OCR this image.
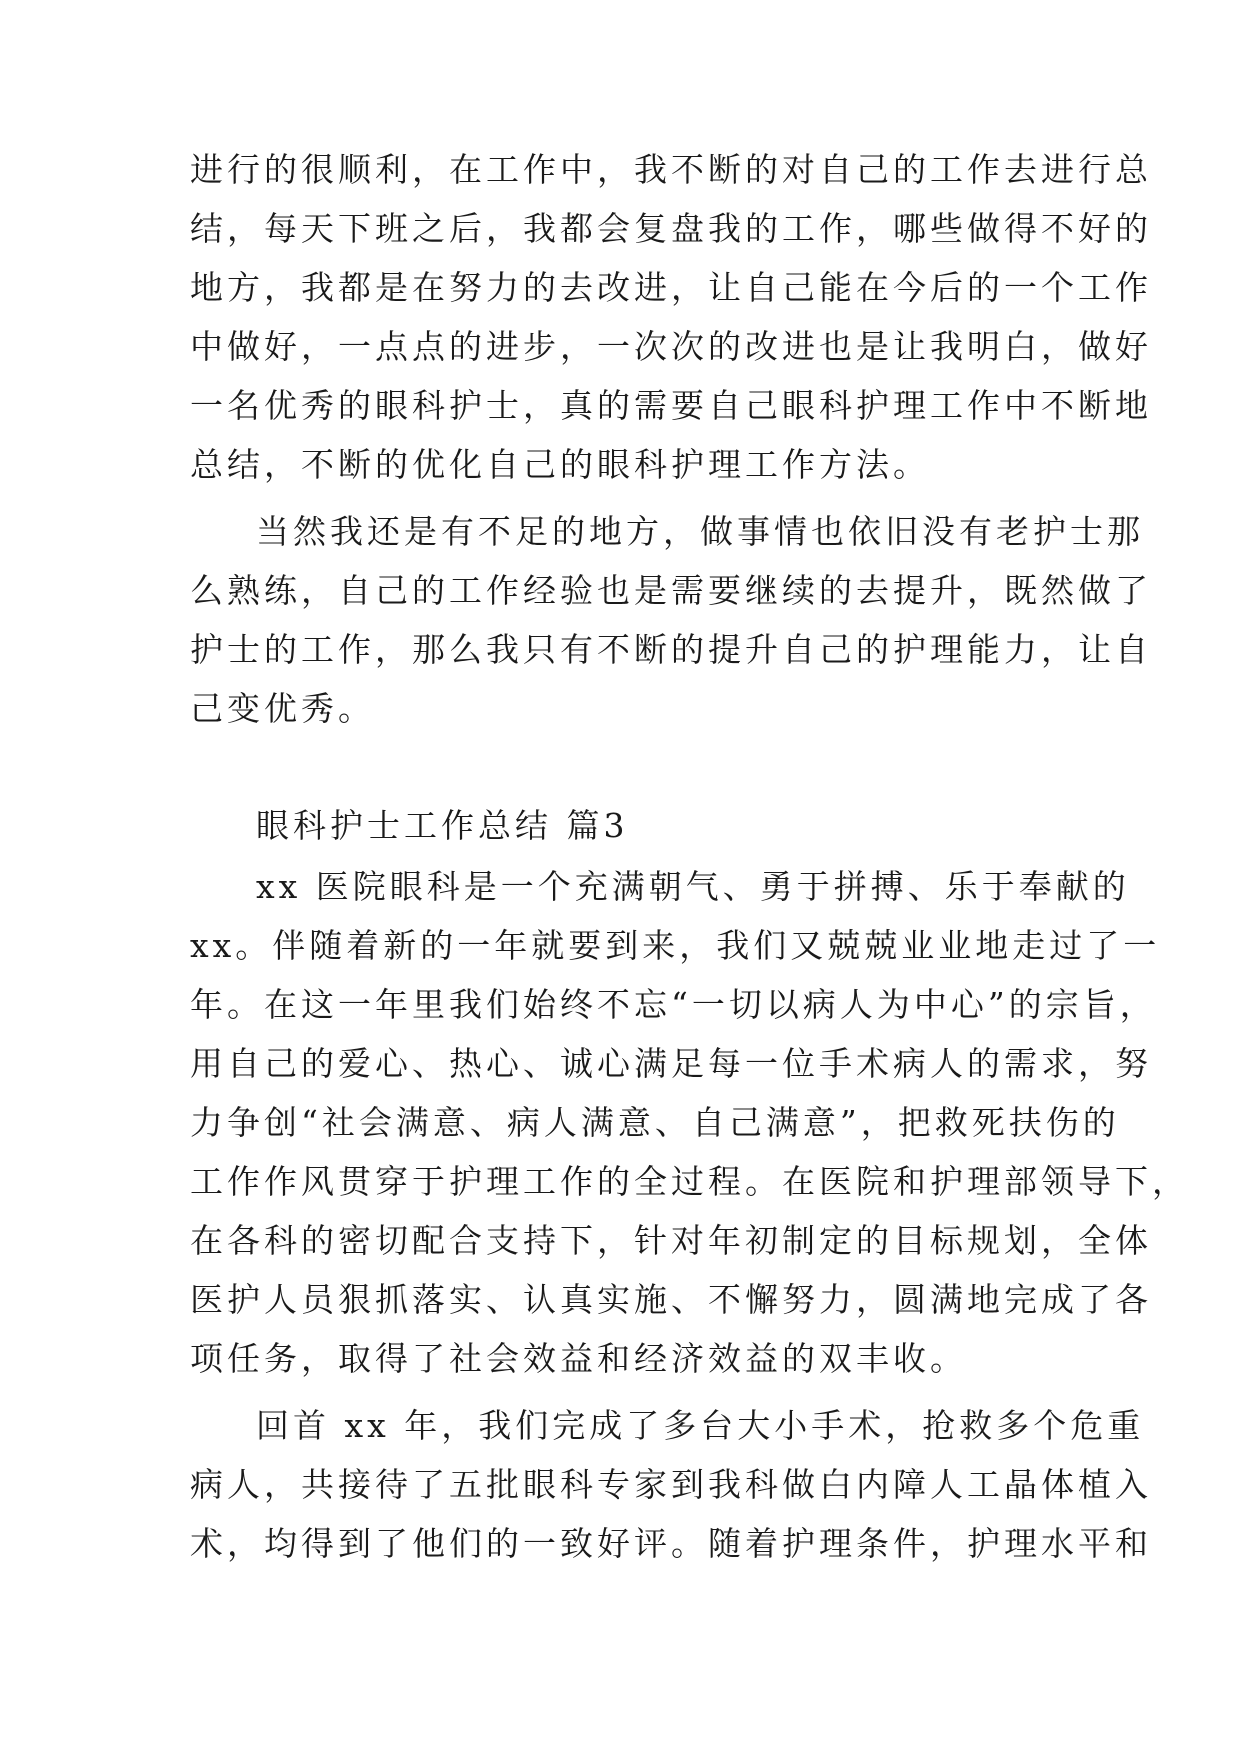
进行的很顺利，在工作中，我不断的对自己的工作去进行总
结，每天下班之后，我都会复盘我的工作，哪些做得不好的
地方，我都是在努力的去改进，让自己能在今后的一个工作
中做好，一点点的进步，一次次的改进也是让我明白，做好
一名优秀的眼科护士，真的需要自己眼科护理工作中不断地
总结，不断的优化自己的眼科护理工作方法。
当然我还是有不足的地方，做事情也依旧没有老护士那
么熟练，自己的工作经验也是需要继续的去提升，既然做了
护士的工作，那么我只有不断的提升自己的护理能力，让自
己变优秀。
眼科护士工作总结 篇3
xx 医院眼科是一个充满朝气、勇于拼搏、乐于奉献的
xx。伴随着新的一年就要到来，我们又兢兢业业地走过了一
年。在这一年里我们始终不忘“一切以病人为中心”的宗旨，
用自己的爱心、热心、诚心满足每一位手术病人的需求，努
力争创“社会满意、病人满意、自己满意”，把救死扶伤的
工作作风贯穿于护理工作的全过程。在医院和护理部领导下，
在各科的密切配合支持下，针对年初制定的目标规划，全体
医护人员狠抓落实、认真实施、不懈努力，圆满地完成了各
项任务，取得了社会效益和经济效益的双丰收。
回首 xx 年，我们完成了多台大小手术，抢救多个危重
病人，共接待了五批眼科专家到我科做白内障人工晶体植入
术，均得到了他们的一致好评。随着护理条件，护理水平和
